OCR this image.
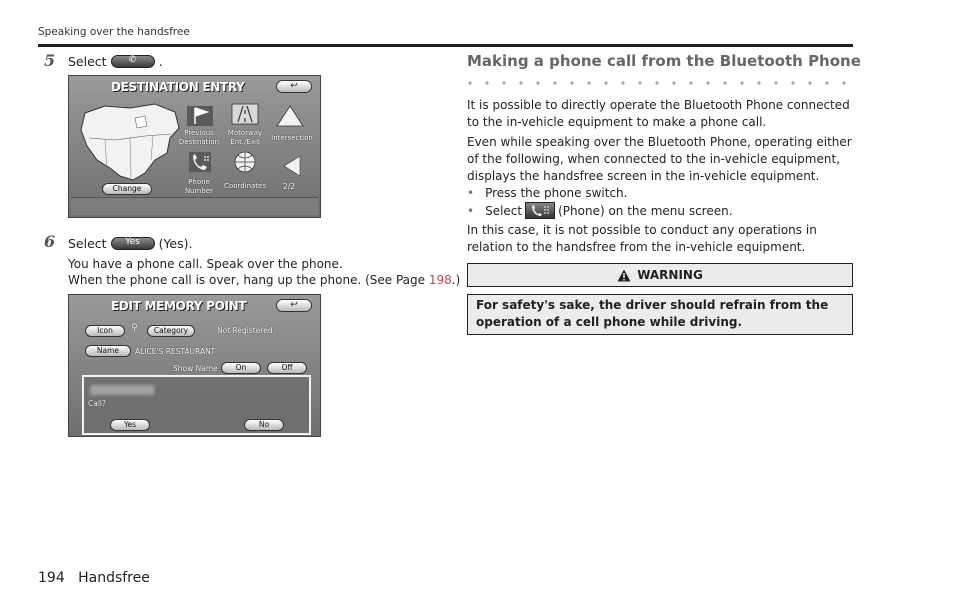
Speaking over the handsfree
5 Select	✆	.
DESTINATION ENTRY	↩
Previous
Destination
Motorway
Ent./Exit	Intersection
Phone
Number
Coordinates
Change	2/2
6 Select	Yes	(Yes).
You have a phone call. Speak over the phone.
When the phone call is over, hang up the phone. (See Page 198.)
EDIT MEMORY POINT	↩
Icon	⚲	Category	Not Registered
Name	ALICE'S RESTAURANT
Show Name	On	Off
Call?
Yes	No
Making a phone call from the Bluetooth Phone
It is possible to directly operate the Bluetooth Phone connected to the in-vehicle equipment to make a phone call.
Even while speaking over the Bluetooth Phone, operating either of the following, when connected to the in-vehicle equipment, displays the handsfree screen in the in-vehicle equipment.
• Press the phone switch.
• Select	(Phone) on the menu screen.
In this case, it is not possible to conduct any operations in relation to the handsfree from the in-vehicle equipment.
WARNING
For safety's sake, the driver should refrain from the operation of a cell phone while driving.
194 Handsfree
